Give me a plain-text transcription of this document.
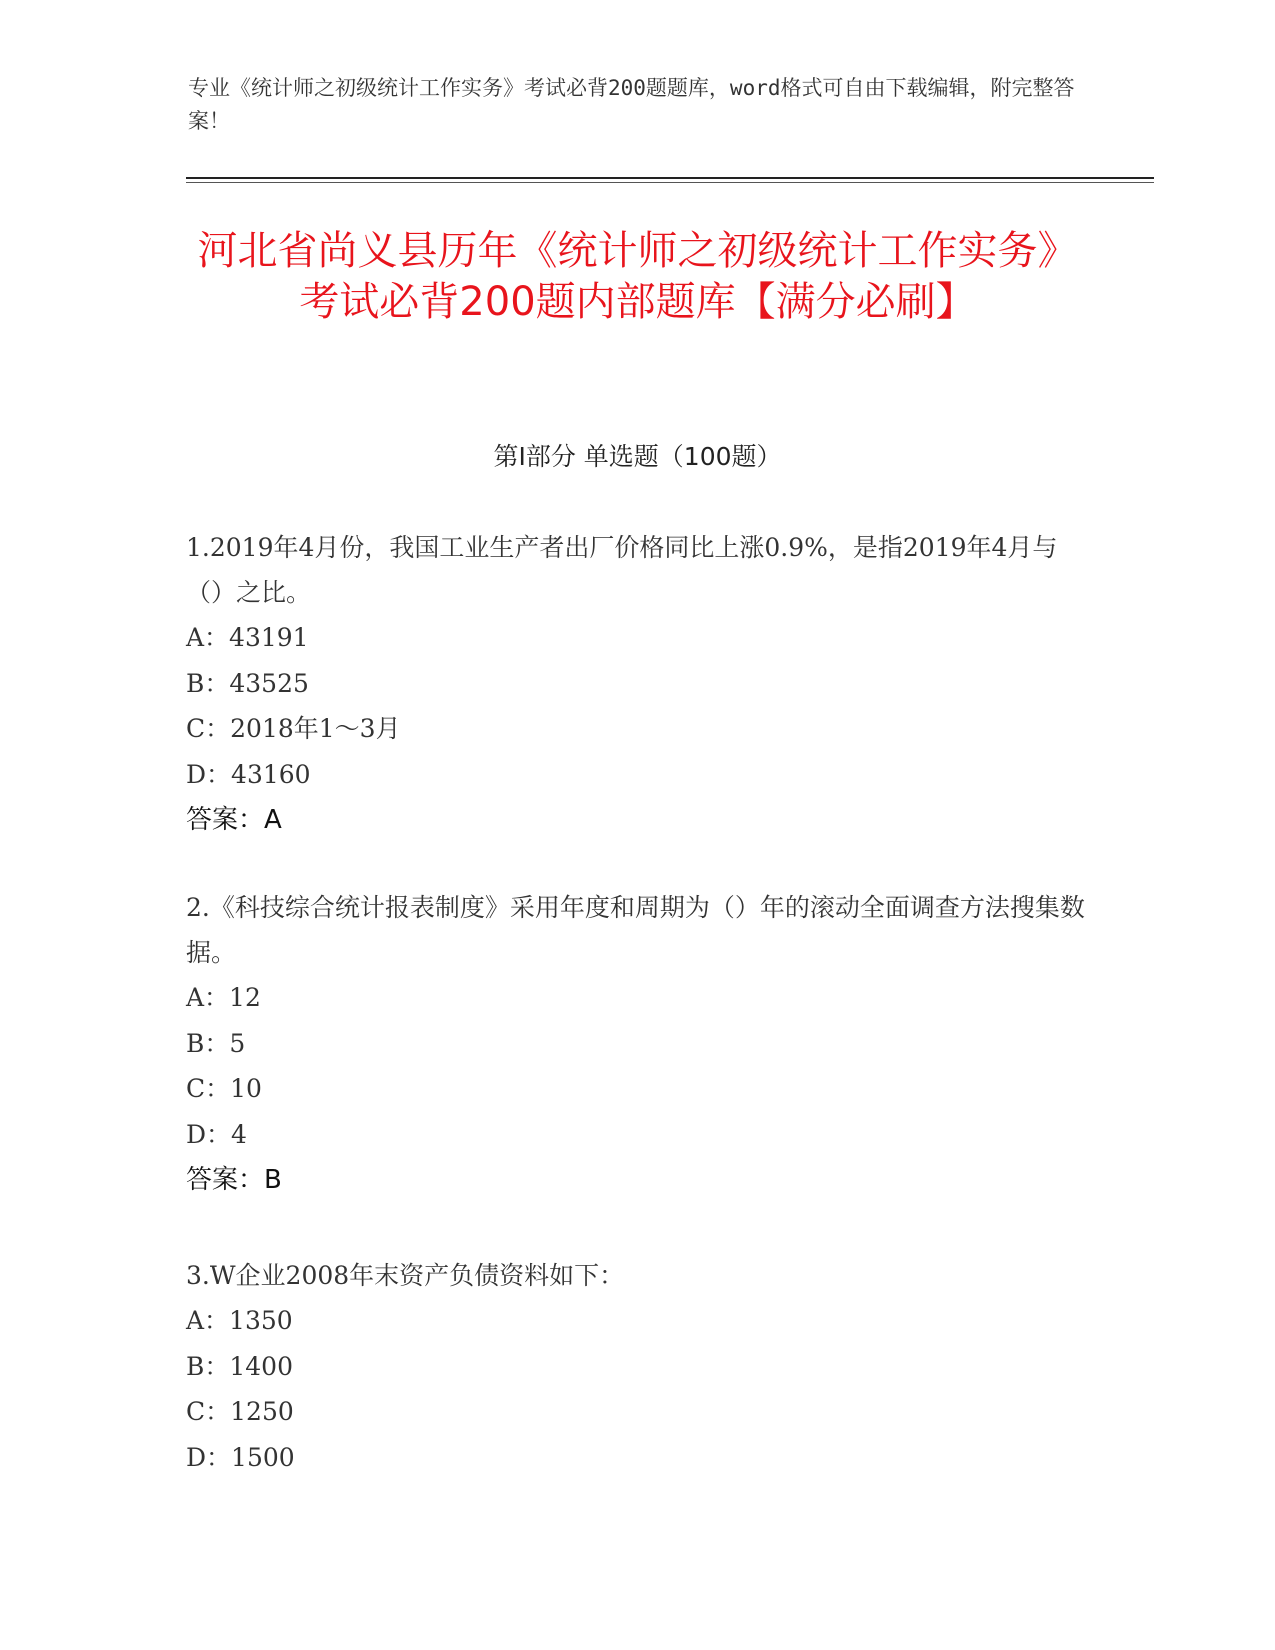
专业《统计师之初级统计工作实务》考试必背200题题库，word格式可自由下载编辑，附完整答案！
河北省尚义县历年《统计师之初级统计工作实务》考试必背200题内部题库【满分必刷】
第I部分 单选题（100题）
1.2019年4月份，我国工业生产者出厂价格同比上涨0.9%，是指2019年4月与（）之比。
A：43191
B：43525
C：2018年1～3月
D：43160
答案：A
2.《科技综合统计报表制度》采用年度和周期为（）年的滚动全面调查方法搜集数据。
A：12
B：5
C：10
D：4
答案：B
3.W企业2008年末资产负债资料如下：
A：1350
B：1400
C：1250
D：1500
